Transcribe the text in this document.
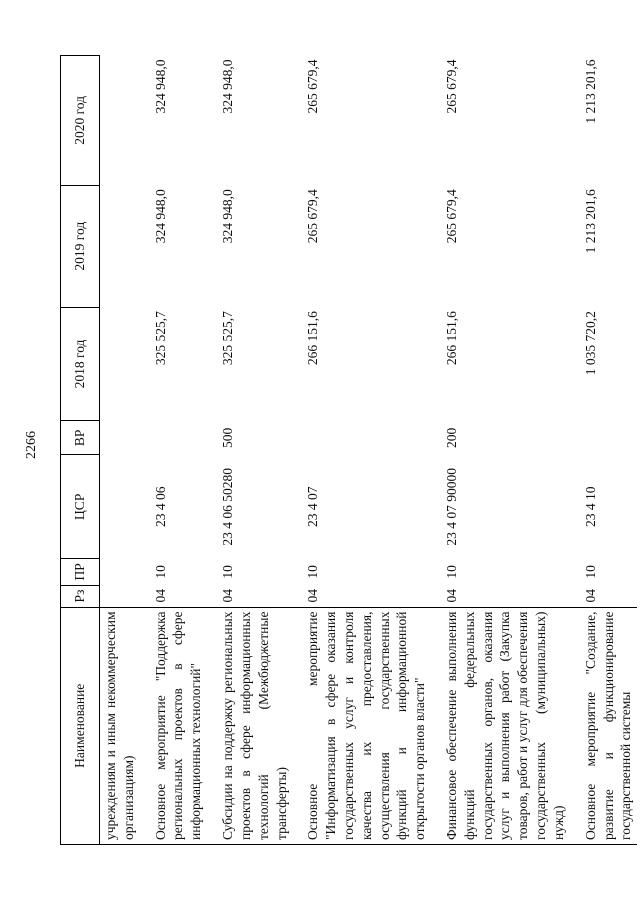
2266
Наименование	Рз	ПР	ЦСР	ВР	2018 год	2019 год	2020 год
учреждениям и иным некоммерческим организациям)							

Основное мероприятие "Поддержка региональных проектов в сфере информационных технологий"	04	10	23 4 06		325 525,7	324 948,0	324 948,0

Субсидии на поддержку региональных проектов в сфере информационных технологий (Межбюджетные трансферты)	04	10	23 4 06 50280	500	325 525,7	324 948,0	324 948,0

Основное мероприятие "Информатизация в сфере оказания государственных услуг и контроля качества их предоставления, осуществления государственных функций и информационной открытости органов власти"	04	10	23 4 07		266 151,6	265 679,4	265 679,4

Финансовое обеспечение выполнения функций федеральных государственных органов, оказания услуг и выполнения работ (Закупка товаров, работ и услуг для обеспечения государственных (муниципальных) нужд)	04	10	23 4 07 90000	200	266 151,6	265 679,4	265 679,4

Основное мероприятие "Создание, развитие и функционирование государственной системы	04	10	23 4 10		1 035 720,2	1 213 201,6	1 213 201,6
